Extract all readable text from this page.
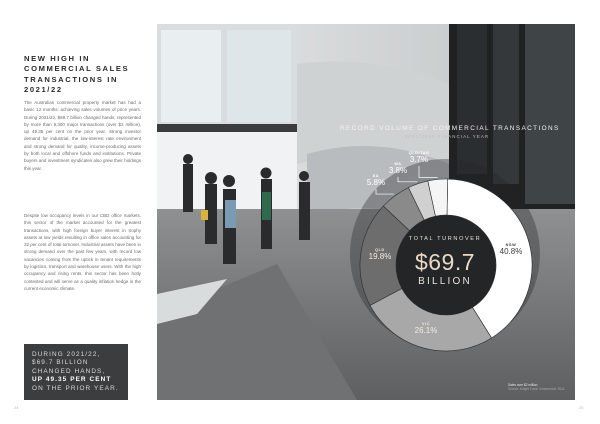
NEW HIGH IN
COMMERCIAL SALES
TRANSACTIONS IN
2021/22

The Australian commercial property market has had a basic 12 months: achieving sales volumes of price years. During 2021/22, $69.7 billion changed hands, represented by more than 9,300 major transactions (over $2 million), up 49.35 per cent on the prior year. Strong investor demand for industrial, the low-interest rate environment and strong demand for quality, income-producing assets by both local and offshore funds and institutions. Private buyers and investment syndicates also grew their holdings this year.

Despite low occupancy levels in our CBD office markets, this sector of the market accounted for the greatest transactions, with high foreign buyer interest in trophy assets at low yields resulting in office sales accounting for 32 per cent of total turnover. Industrial assets have been in strong demand over the past few years, with record low vacancies coming from the uptick in tenant requirements by logistics, transport and warehouse users. With the high occupancy and rising rents, this sector has been hotly contested and will serve as a quality inflation hedge in the current economic climate.

DURING 2021/22,
$69.7 BILLION
CHANGED HANDS,
UP 49.35 PER CENT
ON THE PRIOR YEAR.
24	25
RECORD VOLUME OF COMMERCIAL TRANSACTIONS
2021/2022 FINANCIAL YEAR
TOTAL TURNOVER
$69.7
BILLION
NSW
40.8%
VIC
26.1%
QLD
19.8%
SA
5.8%
WA
3.8%
QLD/TAS
3.7%
Sales over $2 million
Source: Knight Frank Commercial, RCA
